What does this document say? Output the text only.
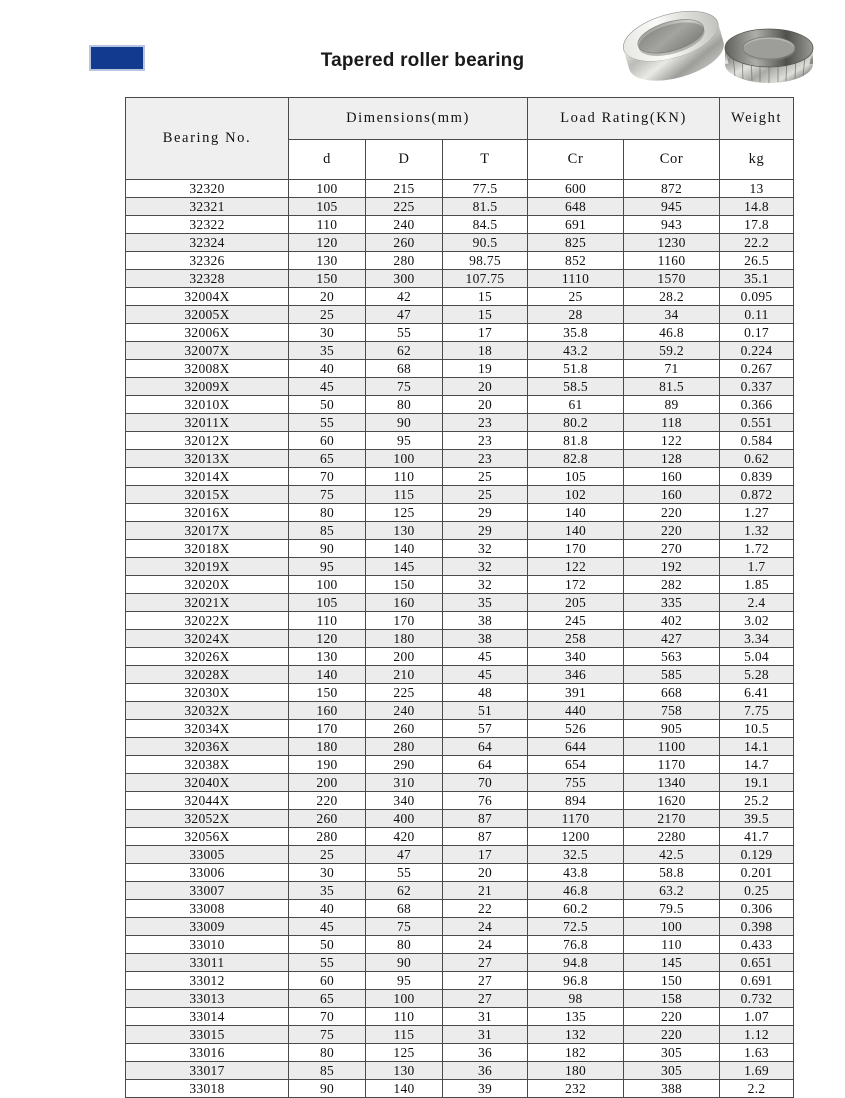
Tapered roller bearing
Bearing No.	Dimensions(mm)			Load Rating(KN)		Weight
	d	D	T	Cr	Cor	kg
32320	100	215	77.5	600	872	13
32321	105	225	81.5	648	945	14.8
32322	110	240	84.5	691	943	17.8
32324	120	260	90.5	825	1230	22.2
32326	130	280	98.75	852	1160	26.5
32328	150	300	107.75	1110	1570	35.1
32004X	20	42	15	25	28.2	0.095
32005X	25	47	15	28	34	0.11
32006X	30	55	17	35.8	46.8	0.17
32007X	35	62	18	43.2	59.2	0.224
32008X	40	68	19	51.8	71	0.267
32009X	45	75	20	58.5	81.5	0.337
32010X	50	80	20	61	89	0.366
32011X	55	90	23	80.2	118	0.551
32012X	60	95	23	81.8	122	0.584
32013X	65	100	23	82.8	128	0.62
32014X	70	110	25	105	160	0.839
32015X	75	115	25	102	160	0.872
32016X	80	125	29	140	220	1.27
32017X	85	130	29	140	220	1.32
32018X	90	140	32	170	270	1.72
32019X	95	145	32	122	192	1.7
32020X	100	150	32	172	282	1.85
32021X	105	160	35	205	335	2.4
32022X	110	170	38	245	402	3.02
32024X	120	180	38	258	427	3.34
32026X	130	200	45	340	563	5.04
32028X	140	210	45	346	585	5.28
32030X	150	225	48	391	668	6.41
32032X	160	240	51	440	758	7.75
32034X	170	260	57	526	905	10.5
32036X	180	280	64	644	1100	14.1
32038X	190	290	64	654	1170	14.7
32040X	200	310	70	755	1340	19.1
32044X	220	340	76	894	1620	25.2
32052X	260	400	87	1170	2170	39.5
32056X	280	420	87	1200	2280	41.7
33005	25	47	17	32.5	42.5	0.129
33006	30	55	20	43.8	58.8	0.201
33007	35	62	21	46.8	63.2	0.25
33008	40	68	22	60.2	79.5	0.306
33009	45	75	24	72.5	100	0.398
33010	50	80	24	76.8	110	0.433
33011	55	90	27	94.8	145	0.651
33012	60	95	27	96.8	150	0.691
33013	65	100	27	98	158	0.732
33014	70	110	31	135	220	1.07
33015	75	115	31	132	220	1.12
33016	80	125	36	182	305	1.63
33017	85	130	36	180	305	1.69
33018	90	140	39	232	388	2.2
